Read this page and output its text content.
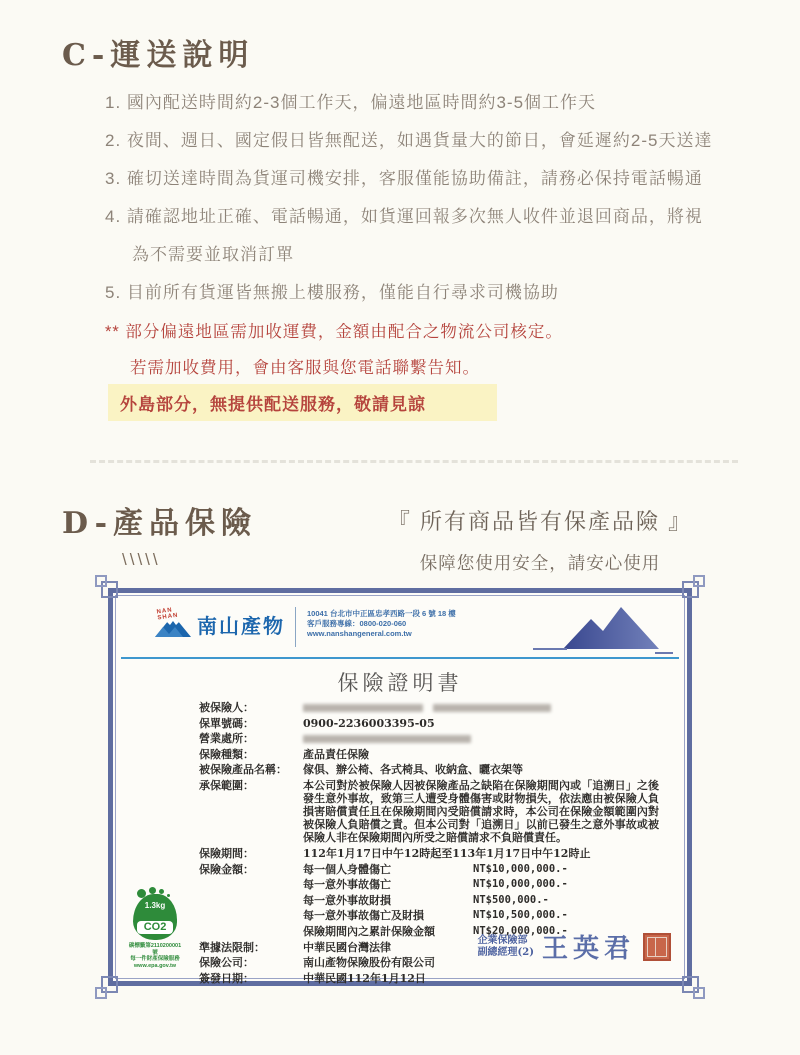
C-運送說明
1. 國內配送時間約2-3個工作天，偏遠地區時間約3-5個工作天
2. 夜間、週日、國定假日皆無配送，如遇貨量大的節日，會延遲約2-5天送達
3. 確切送達時間為貨運司機安排，客服僅能協助備註，請務必保持電話暢通
4. 請確認地址正確、電話暢通，如貨運回報多次無人收件並退回商品，將視
為不需要並取消訂單
5. 目前所有貨運皆無搬上樓服務，僅能自行尋求司機協助
** 部分偏遠地區需加收運費，金額由配合之物流公司核定。
若需加收費用，會由客服與您電話聯繫告知。
外島部分，無提供配送服務，敬請見諒
D-產品保險
\\\\\
『 所有商品皆有保產品險 』
保障您使用安全，請安心使用
NAN SHAN 南山產物
10041 台北市中正區忠孝西路一段 6 號 18 樓
客戶服務專線：0800-020-060
www.nanshangeneral.com.tw
保險證明書
被保險人：
保單號碼：	0900-2236003395-05
營業處所：
保險種類：	產品責任保險
被保險產品名稱：	傢俱、辦公椅、各式椅具、收納盒、曬衣架等
承保範圍：	本公司對於被保險人因被保險產品之缺陷在保險期間內或「追溯日」之後發生意外事故，致第三人遭受身體傷害或財物損失，依法應由被保險人負損害賠償責任且在保險期間內受賠償請求時，本公司在保險金額範圍內對被保險人負賠償之責。但本公司對「追溯日」以前已發生之意外事故或被保險人非在保險期間內所受之賠償請求不負賠償責任。
保險期間：	112年1月17日中午12時起至113年1月17日中午12時止
保險金額：	每一個人身體傷亡	NT$10,000,000.-
每一意外事故傷亡	NT$10,000,000.-
每一意外事故財損	NT$500,000.-
每一意外事故傷亡及財損	NT$10,500,000.-
保險期間內之累計保險金額	NT$20,000,000.-
準據法限制：	中華民國台灣法律
保險公司：	南山產物保險股份有限公司
簽發日期：	中華民國112年1月12日
1.3kg
CO2
碳標籤第2110200001號
每一件財產保險服務
www.epa.gov.tw
企業保險部
副總經理(2) 王英君
